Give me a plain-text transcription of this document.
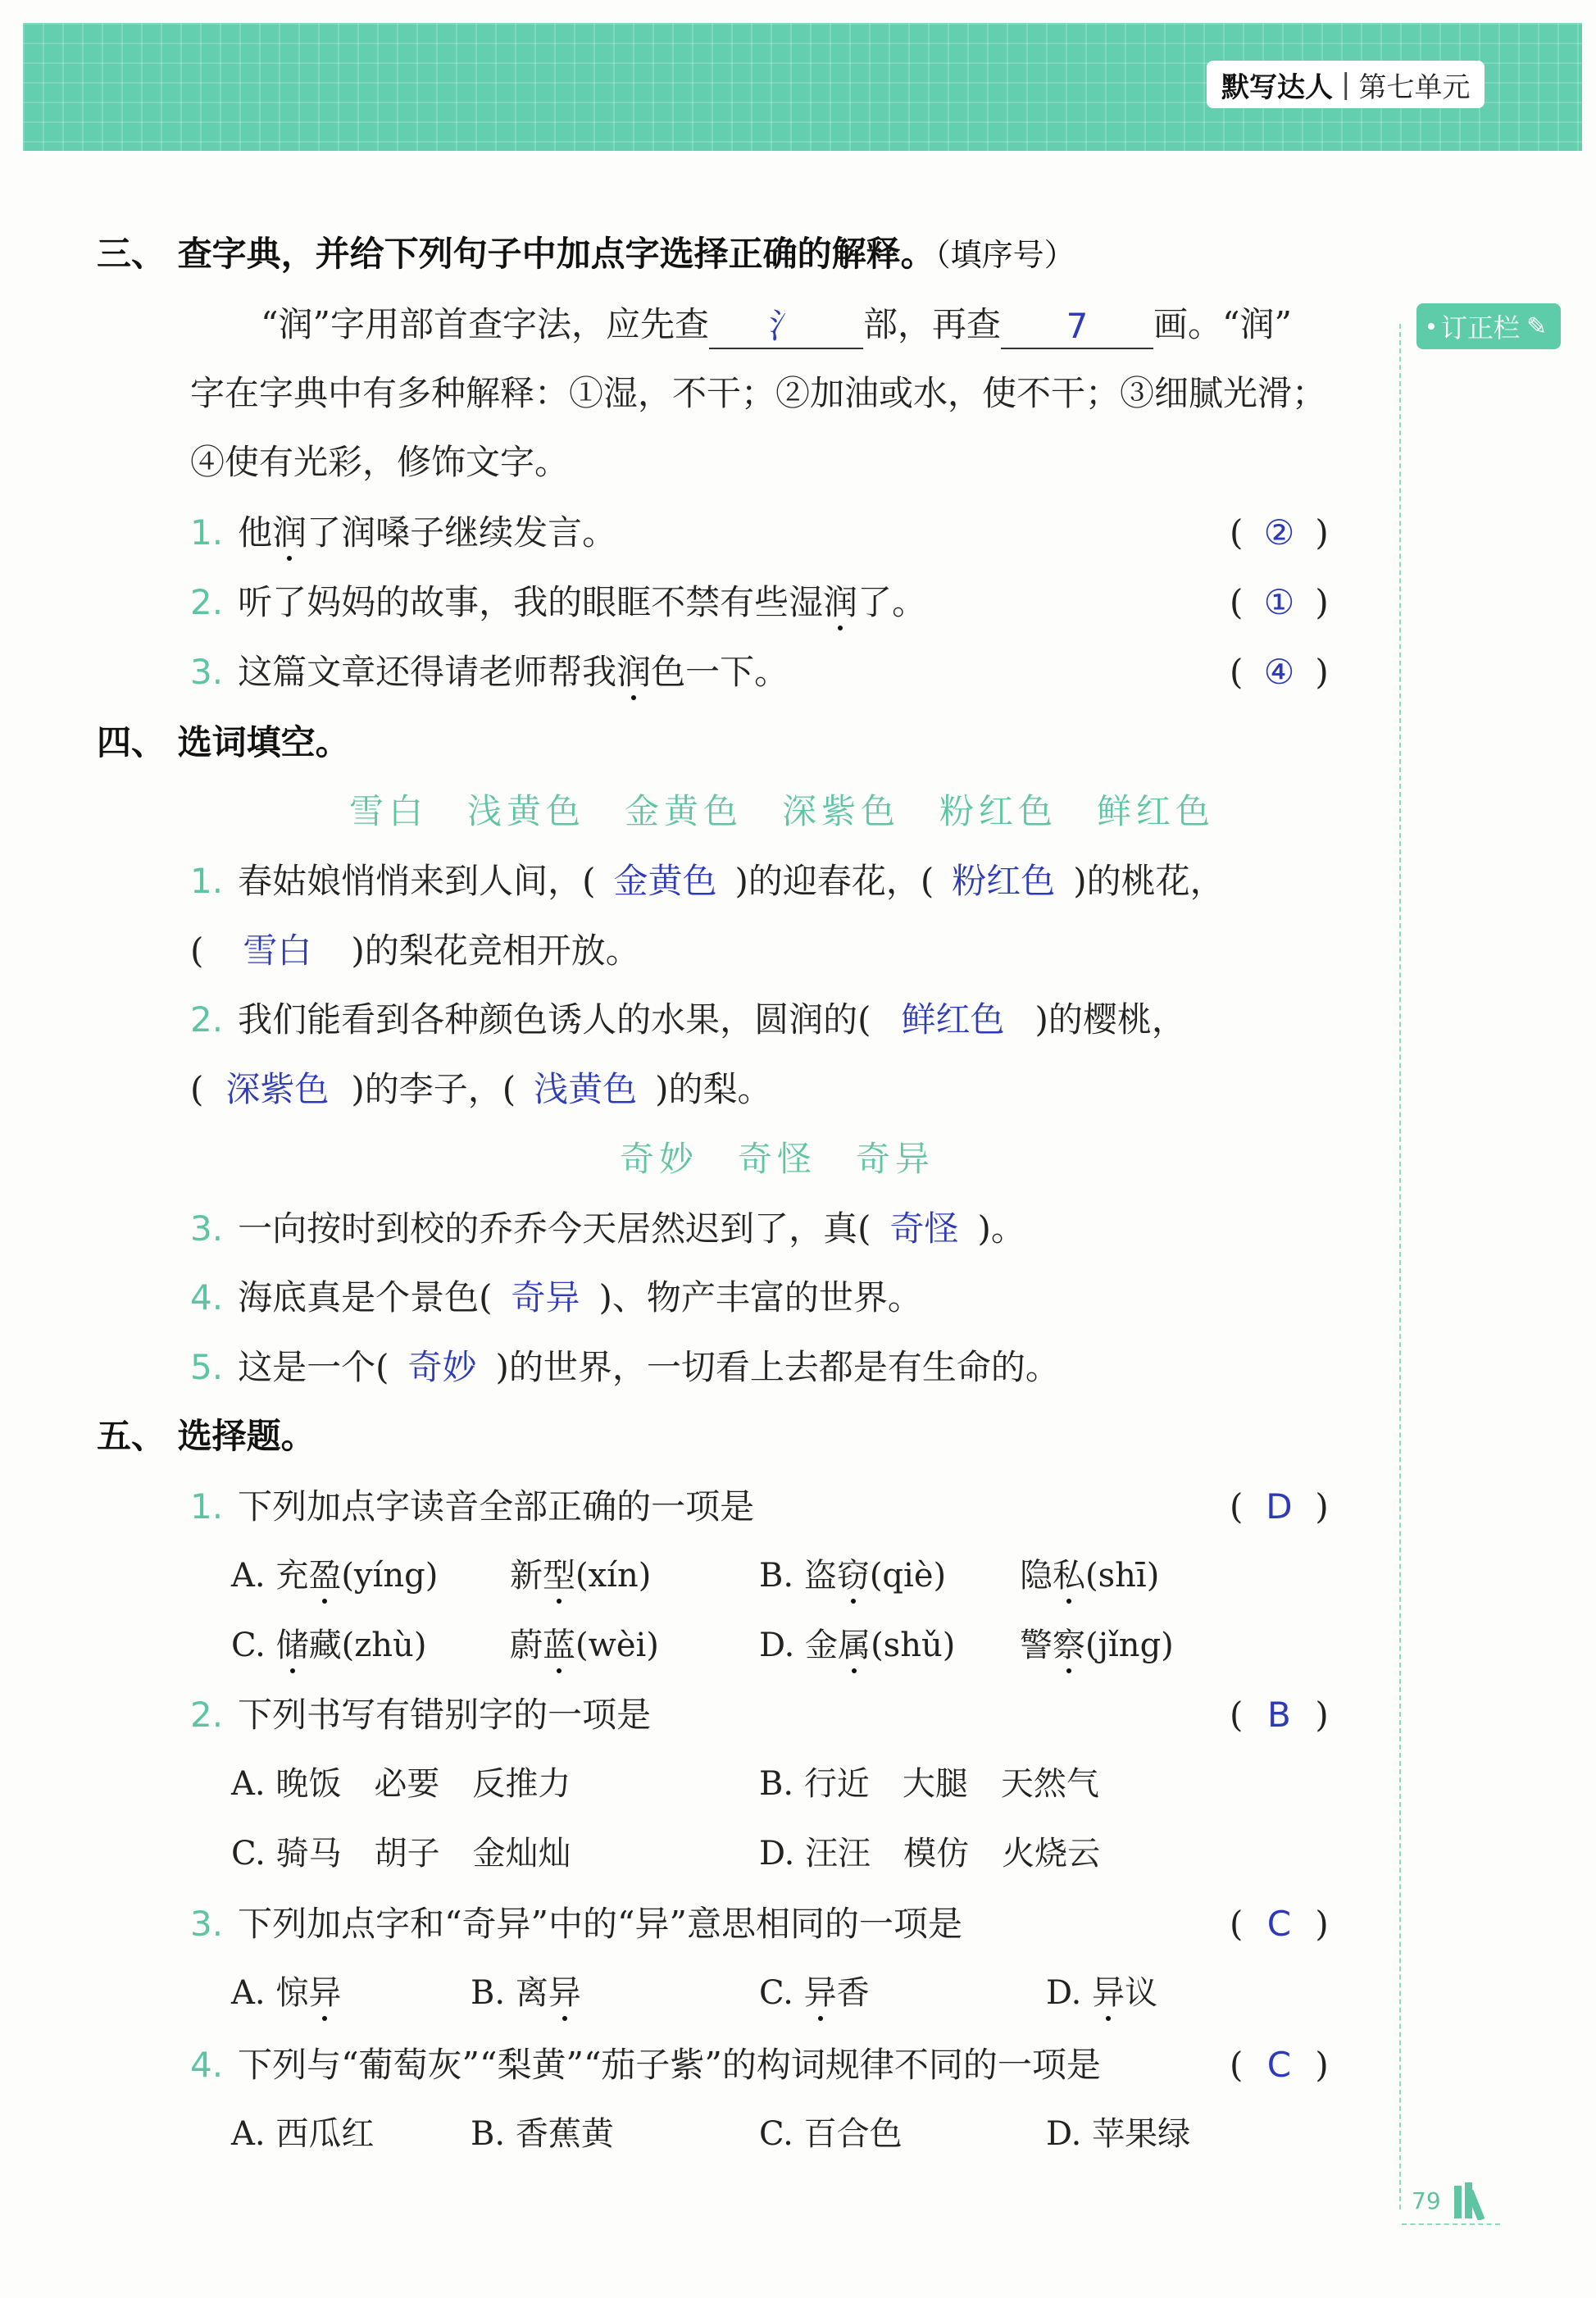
默写达人 | 第七单元
订正栏 ✎
三、 查字典，并给下列句子中加点字选择正确的解释。（填序号）
“润”字用部首查字法，应先查 氵 部，再查 7 画。“润”
字在字典中有多种解释：①湿，不干；②加油或水，使不干；③细腻光滑；
④使有光彩，修饰文字。
1. 他润了润嗓子继续发言。	( ② )
2. 听了妈妈的故事，我的眼眶不禁有些湿润了。	( ① )
3. 这篇文章还得请老师帮我润色一下。	( ④ )
四、 选词填空。
雪白　浅黄色　金黄色　深紫色　粉红色　鲜红色
1. 春姑娘悄悄来到人间，( 金黄色 )的迎春花，( 粉红色 )的桃花，
( 雪白 )的梨花竞相开放。
2. 我们能看到各种颜色诱人的水果，圆润的( 鲜红色 )的樱桃，
( 深紫色 )的李子，( 浅黄色 )的梨。
奇妙　奇怪　奇异
3. 一向按时到校的乔乔今天居然迟到了，真( 奇怪 )。
4. 海底真是个景色( 奇异 )、物产丰富的世界。
5. 这是一个( 奇妙 )的世界，一切看上去都是有生命的。
五、 选择题。
1. 下列加点字读音全部正确的一项是	( D )
A. 充盈(yíng) 新型(xín)	B. 盗窃(qiè) 隐私(shī)
C. 储藏(zhù)	蔚蓝(wèi)	D. 金属(shǔ) 警察(jǐng)
2. 下列书写有错别字的一项是	( B )
A. 晚饭　必要　反推力	B. 行近　大腿　天然气
C. 骑马　胡子　金灿灿	D. 汪汪　模仿　火烧云
3. 下列加点字和“奇异”中的“异”意思相同的一项是	( C )
A. 惊异	B. 离异	C. 异香	D. 异议
4. 下列与“葡萄灰”“梨黄”“茄子紫”的构词规律不同的一项是	( C )
A. 西瓜红	B. 香蕉黄	C. 百合色	D. 苹果绿
79
